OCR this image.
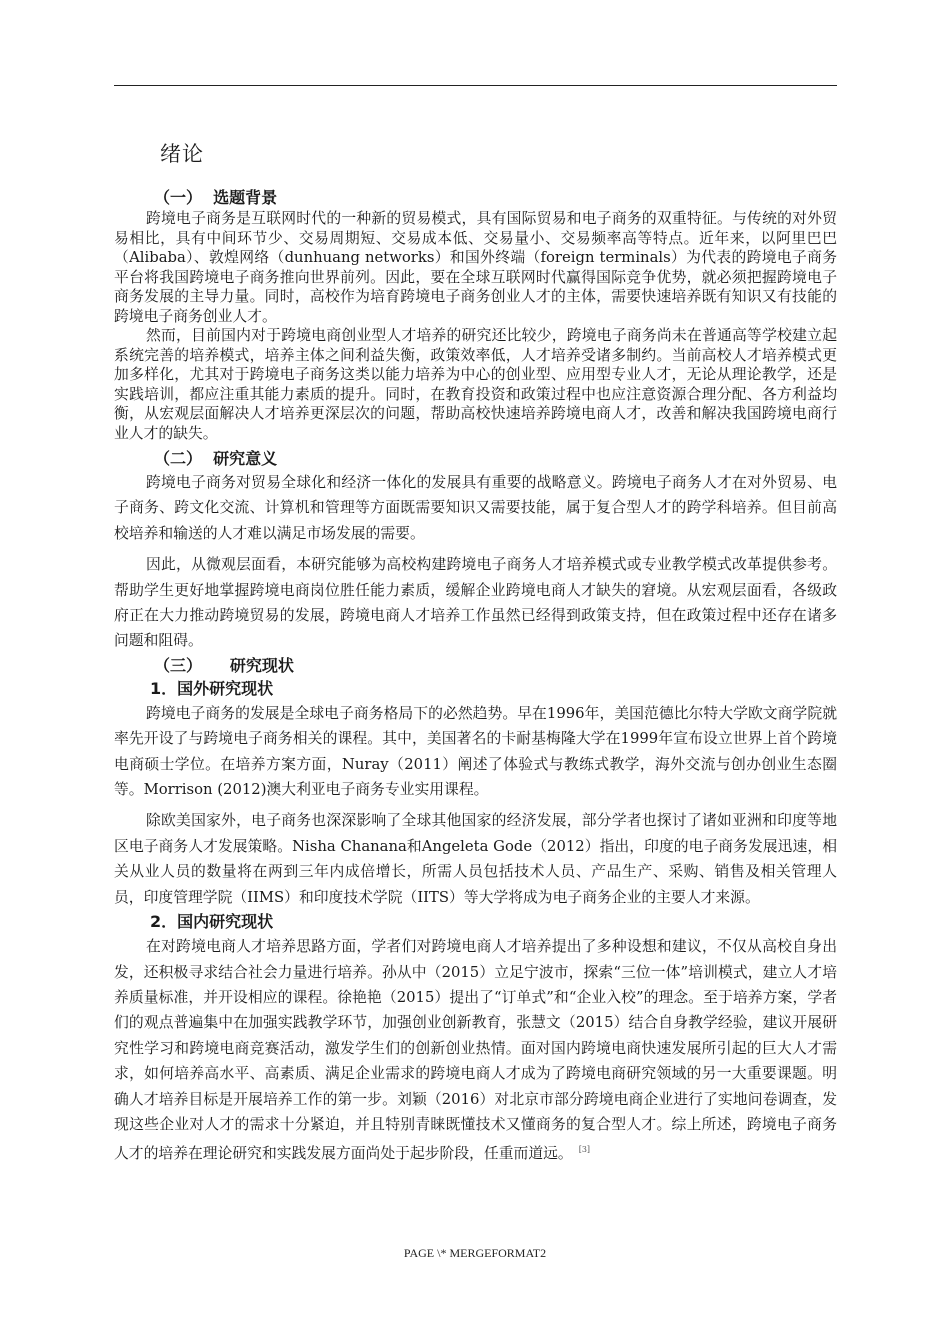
绪论
（一）  选题背景

跨境电子商务是互联网时代的一种新的贸易模式，具有国际贸易和电子商务的双重特征。与传统的对外贸易相比，具有中间环节少、交易周期短、交易成本低、交易量小、交易频率高等特点。近年来，以阿里巴巴（Alibaba）、敦煌网络（dunhuang networks）和国外终端（foreign terminals）为代表的跨境电子商务平台将我国跨境电子商务推向世界前列。因此，要在全球互联网时代赢得国际竞争优势，就必须把握跨境电子商务发展的主导力量。同时，高校作为培育跨境电子商务创业人才的主体，需要快速培养既有知识又有技能的跨境电子商务创业人才。

然而，目前国内对于跨境电商创业型人才培养的研究还比较少，跨境电子商务尚未在普通高等学校建立起系统完善的培养模式，培养主体之间利益失衡，政策效率低，人才培养受诸多制约。当前高校人才培养模式更加多样化，尤其对于跨境电子商务这类以能力培养为中心的创业型、应用型专业人才，无论从理论教学，还是实践培训，都应注重其能力素质的提升。同时，在教育投资和政策过程中也应注意资源合理分配、各方利益均衡，从宏观层面解决人才培养更深层次的问题，帮助高校快速培养跨境电商人才，改善和解决我国跨境电商行业人才的缺失。

（二）  研究意义

跨境电子商务对贸易全球化和经济一体化的发展具有重要的战略意义。跨境电子商务人才在对外贸易、电子商务、跨文化交流、计算机和管理等方面既需要知识又需要技能，属于复合型人才的跨学科培养。但目前高校培养和输送的人才难以满足市场发展的需要。

因此，从微观层面看，本研究能够为高校构建跨境电子商务人才培养模式或专业教学模式改革提供参考。帮助学生更好地掌握跨境电商岗位胜任能力素质，缓解企业跨境电商人才缺失的窘境。从宏观层面看，各级政府正在大力推动跨境贸易的发展，跨境电商人才培养工作虽然已经得到政策支持，但在政策过程中还存在诸多问题和阻碍。

（三）     研究现状
1．国外研究现状

跨境电子商务的发展是全球电子商务格局下的必然趋势。早在1996年，美国范德比尔特大学欧文商学院就率先开设了与跨境电子商务相关的课程。其中，美国著名的卡耐基梅隆大学在1999年宣布设立世界上首个跨境电商硕士学位。在培养方案方面，Nuray（2011）阐述了体验式与教练式教学，海外交流与创办创业生态圈等。Morrison (2012)澳大利亚电子商务专业实用课程。

除欧美国家外，电子商务也深深影响了全球其他国家的经济发展，部分学者也探讨了诸如亚洲和印度等地区电子商务人才发展策略。Nisha Chanana和Angeleta Gode（2012）指出，印度的电子商务发展迅速，相关从业人员的数量将在两到三年内成倍增长，所需人员包括技术人员、产品生产、采购、销售及相关管理人员，印度管理学院（IIMS）和印度技术学院（IITS）等大学将成为电子商务企业的主要人才来源。

2．国内研究现状

在对跨境电商人才培养思路方面，学者们对跨境电商人才培养提出了多种设想和建议，不仅从高校自身出发，还积极寻求结合社会力量进行培养。孙从中（2015）立足宁波市，探索“三位一体”培训模式，建立人才培养质量标准，并开设相应的课程。徐艳艳（2015）提出了“订单式”和“企业入校”的理念。至于培养方案，学者们的观点普遍集中在加强实践教学环节，加强创业创新教育，张慧文（2015）结合自身教学经验，建议开展研究性学习和跨境电商竞赛活动，激发学生们的创新创业热情。面对国内跨境电商快速发展所引起的巨大人才需求，如何培养高水平、高素质、满足企业需求的跨境电商人才成为了跨境电商研究领域的另一大重要课题。明确人才培养目标是开展培养工作的第一步。刘颖（2016）对北京市部分跨境电商企业进行了实地问卷调查，发现这些企业对人才的需求十分紧迫，并且特别青睐既懂技术又懂商务的复合型人才。综上所述，跨境电子商务人才的培养在理论研究和实践发展方面尚处于起步阶段，任重而道远。 [3]

PAGE \* MERGEFORMAT2
